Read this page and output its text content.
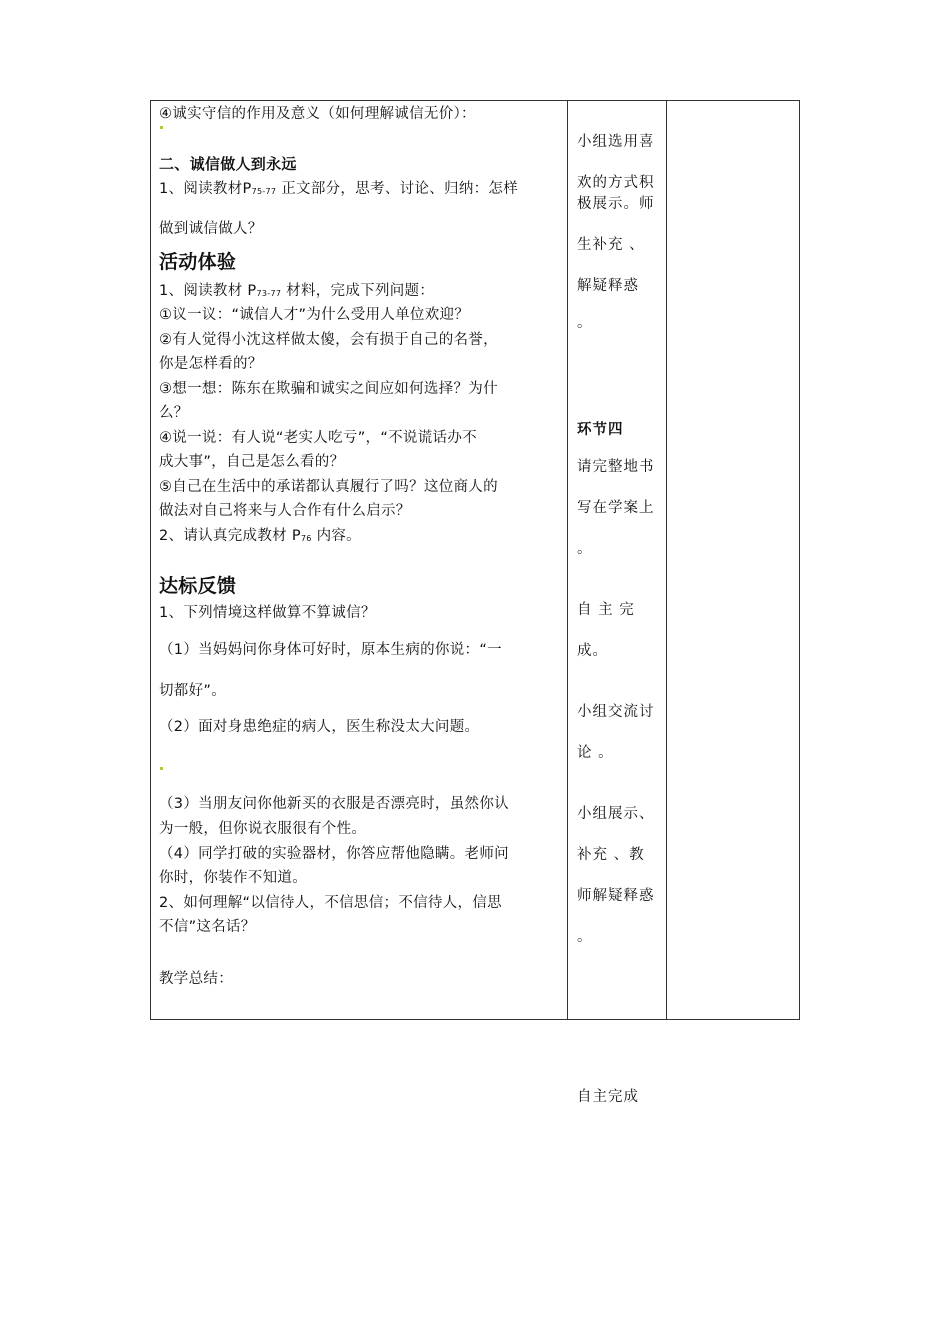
④诚实守信的作用及意义（如何理解诚信无价）：
二、诚信做人到永远
1、阅读教材$P_{75-77}$ 正文部分，思考、讨论、归纳：怎样
做到诚信做人？
活动体验
1、阅读教材 $P_{73-77}$ 材料，完成下列问题：
①议一议：“诚信人才”为什么受用人单位欢迎？
②有人觉得小沈这样做太傻，会有损于自己的名誉，
你是怎样看的？
③想一想：陈东在欺骗和诚实之间应如何选择？为什
么？
④说一说：有人说“老实人吃亏”，“不说谎话办不
成大事”，自己是怎么看的？
⑤自己在生活中的承诺都认真履行了吗？这位商人的
做法对自己将来与人合作有什么启示？
2、请认真完成教材 $P_{76}$ 内容。
达标反馈
1、下列情境这样做算不算诚信？
（1）当妈妈问你身体可好时，原本生病的你说：“一
切都好”。
（2）面对身患绝症的病人，医生称没太大问题。
（3）当朋友问你他新买的衣服是否漂亮时，虽然你认
为一般，但你说衣服很有个性。
（4）同学打破的实验器材，你答应帮他隐瞒。老师问
你时，你装作不知道。
2、如何理解“以信待人，不信思信；不信待人，信思
不信”这名话？
教学总结：
小组选用喜
欢的方式积
极展示。师
生补充 、
解疑释惑
。
环节四
请完整地书
写在学案上
。
自 主 完
成。
小组交流讨
论 。
小组展示、
补充 、教
师解疑释惑
。
自主完成
